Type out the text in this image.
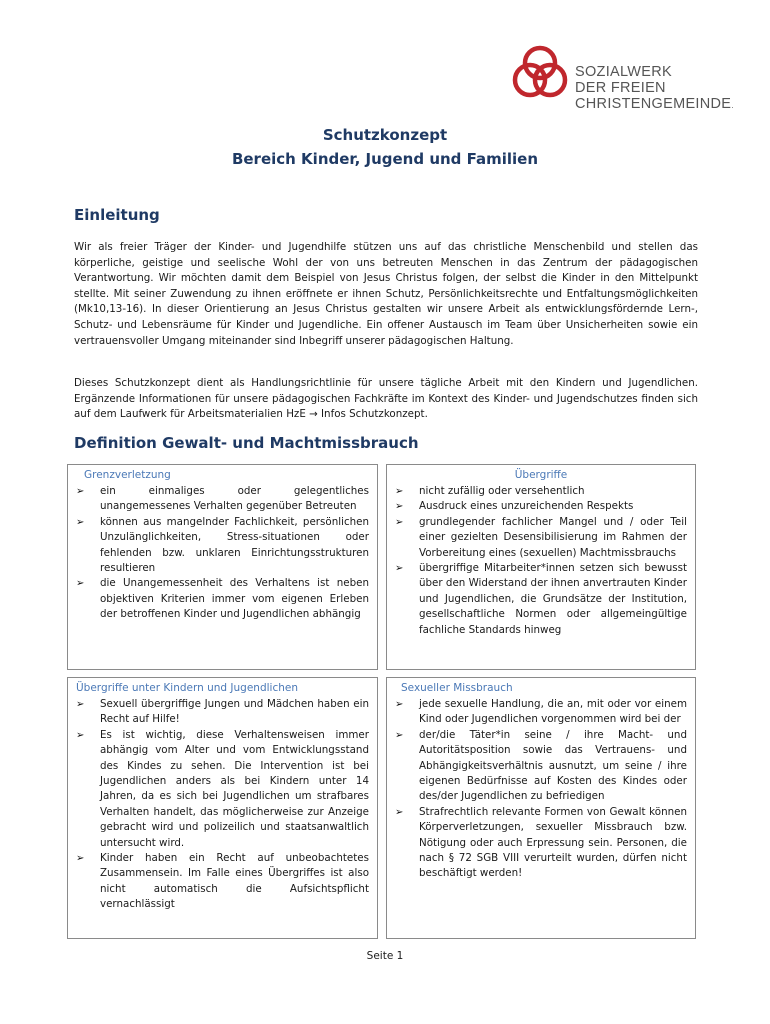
SOZIALWERK
DER FREIEN
CHRISTENGEMEINDE.
Schutzkonzept
Bereich Kinder, Jugend und Familien
Einleitung

Wir als freier Träger der Kinder- und Jugendhilfe stützen uns auf das christliche Menschenbild und stellen das körperliche, geistige und seelische Wohl der von uns betreuten Menschen in das Zentrum der pädagogischen Verantwortung. Wir möchten damit dem Beispiel von Jesus Christus folgen, der selbst die Kinder in den Mittelpunkt stellte. Mit seiner Zuwendung zu ihnen eröffnete er ihnen Schutz, Persönlichkeitsrechte und Entfaltungsmöglichkeiten (Mk10,13-16). In dieser Orientierung an Jesus Christus gestalten wir unsere Arbeit als entwicklungsfördernde Lern-, Schutz- und Lebensräume für Kinder und Jugendliche. Ein offener Austausch im Team über Unsicherheiten sowie ein vertrauensvoller Umgang miteinander sind Inbegriff unserer pädagogischen Haltung.

Dieses Schutzkonzept dient als Handlungsrichtlinie für unsere tägliche Arbeit mit den Kindern und Jugendlichen. Ergänzende Informationen für unsere pädagogischen Fachkräfte im Kontext des Kinder- und Jugendschutzes finden sich auf dem Laufwerk für Arbeitsmaterialien HzE → Infos Schutzkonzept.

Definition Gewalt- und Machtmissbrauch
Grenzverletzung
➢ ein einmaliges oder gelegentliches unangemessenes Verhalten gegenüber Betreuten
➢ können aus mangelnder Fachlichkeit, persönlichen Unzulänglichkeiten, Stress-situationen oder fehlenden bzw. unklaren Einrichtungsstrukturen resultieren
➢ die Unangemessenheit des Verhaltens ist neben objektiven Kriterien immer vom eigenen Erleben der betroffenen Kinder und Jugendlichen abhängig
Übergriffe
➢ nicht zufällig oder versehentlich
➢ Ausdruck eines unzureichenden Respekts
➢ grundlegender fachlicher Mangel und / oder Teil einer gezielten Desensibilisierung im Rahmen der Vorbereitung eines (sexuellen) Machtmissbrauchs
➢ übergriffige Mitarbeiter*innen setzen sich bewusst über den Widerstand der ihnen anvertrauten Kinder und Jugendlichen, die Grundsätze der Institution, gesellschaftliche Normen oder allgemeingültige fachliche Standards hinweg
Übergriffe unter Kindern und Jugendlichen
➢ Sexuell übergriffige Jungen und Mädchen haben ein Recht auf Hilfe!
➢ Es ist wichtig, diese Verhaltensweisen immer abhängig vom Alter und vom Entwicklungsstand des Kindes zu sehen. Die Intervention ist bei Jugendlichen anders als bei Kindern unter 14 Jahren, da es sich bei Jugendlichen um strafbares Verhalten handelt, das möglicherweise zur Anzeige gebracht wird und polizeilich und staatsanwaltlich untersucht wird.
➢ Kinder haben ein Recht auf unbeobachtetes Zusammensein. Im Falle eines Übergriffes ist also nicht automatisch die Aufsichtspflicht vernachlässigt
Sexueller Missbrauch
➢ jede sexuelle Handlung, die an, mit oder vor einem Kind oder Jugendlichen vorgenommen wird bei der
➢ der/die Täter*in seine / ihre Macht- und Autoritätsposition sowie das Vertrauens- und Abhängigkeitsverhältnis ausnutzt, um seine / ihre eigenen Bedürfnisse auf Kosten des Kindes oder des/der Jugendlichen zu befriedigen
➢ Strafrechtlich relevante Formen von Gewalt können Körperverletzungen, sexueller Missbrauch bzw. Nötigung oder auch Erpressung sein. Personen, die nach § 72 SGB VIII verurteilt wurden, dürfen nicht beschäftigt werden!
Seite 1
